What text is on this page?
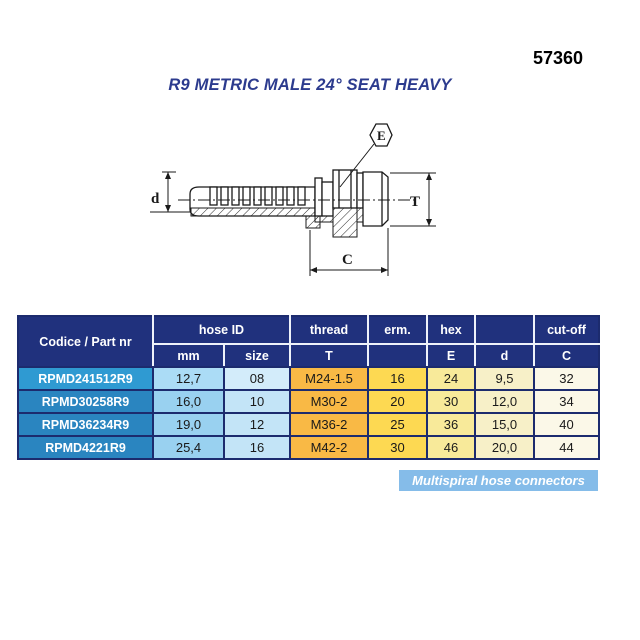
57360
R9 METRIC MALE 24° SEAT HEAVY
d	T
C
E
Codice / Part nr	hose ID		thread	erm.	hex		cut-off
	mm	size	T		E	d	C
RPMD241512R9	12,7	08	M24-1.5	16	24	9,5	32
RPMD30258R9	16,0	10	M30-2	20	30	12,0	34
RPMD36234R9	19,0	12	M36-2	25	36	15,0	40
RPMD4221R9	25,4	16	M42-2	30	46	20,0	44
Multispiral hose connectors
